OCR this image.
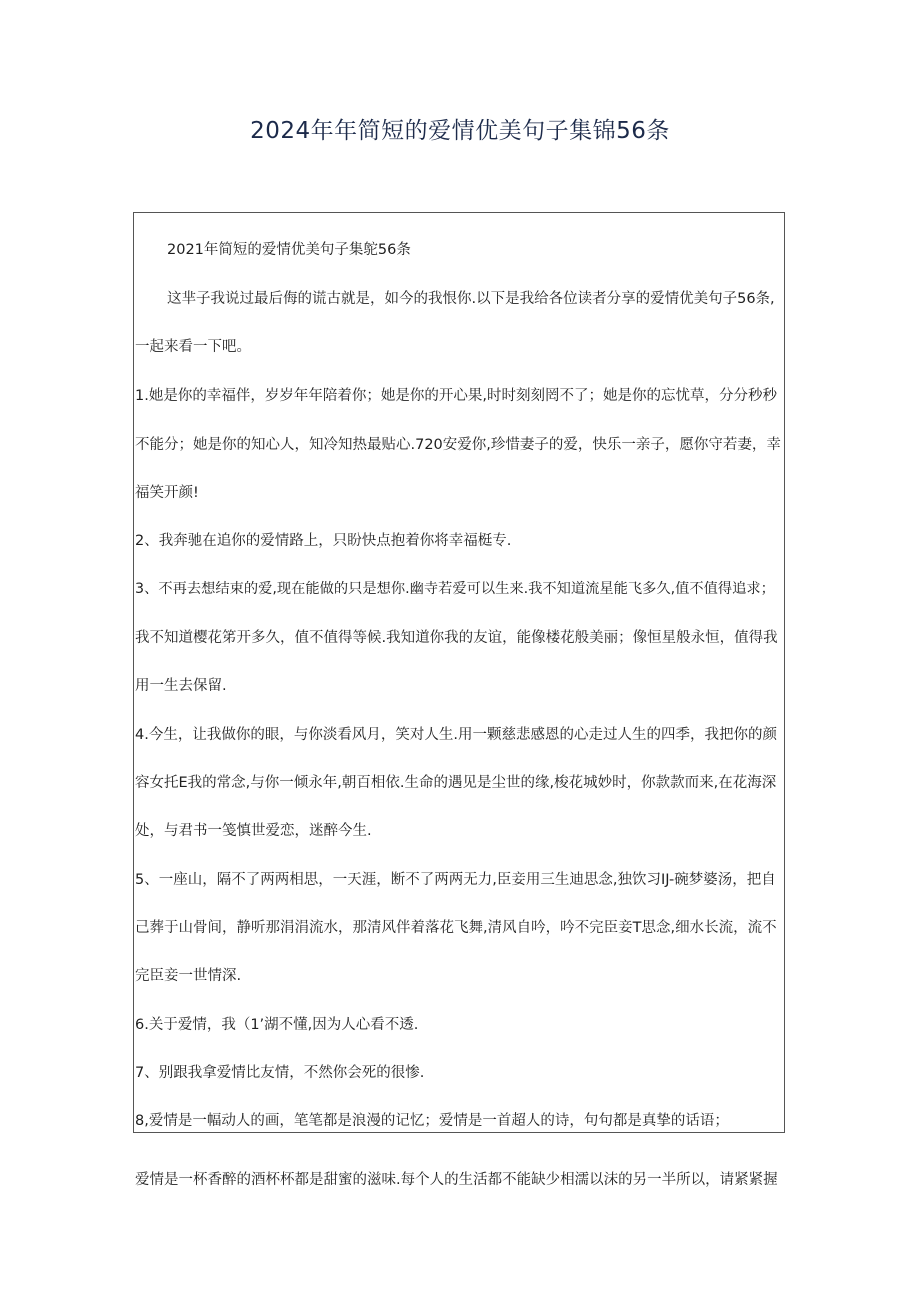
2024年年简短的爱情优美句子集锦56条
2021年简短的爱情优美句子集鸵56条
这芈子我说过最后侮的谎古就是，如今的我恨你.以下是我给各位读者分享的爱情优美句子56条,
一起来看一下吧。
1.她是你的幸福伴，岁岁年年陪着你；她是你的开心果,时时刻刻罔不了；她是你的忘忧草，分分秒秒
不能分；她是你的知心人，知冷知热最贴心.720安爱你,珍惜妻子的爱，快乐一亲子，愿你守若妻，幸
福笑开颜!
2、我奔驰在追你的爱情路上，只盼快点抱着你将幸福梃专.
3、不再去想结束的爱,现在能做的只是想你.幽寺若爱可以生来.我不知道流星能飞多久,值不值得追求；
我不知道樱花笫开多久，值不值得等候.我知道你我的友谊，能像楼花般美丽；像恒星般永恒，值得我
用一生去保留.
4.今生，让我做你的眼，与你淡看风月，笑对人生.用一颗慈悲感恩的心走过人生的四季，我把你的颜
容女托E我的常念,与你一倾永年,朝百相依.生命的遇见是尘世的缘,梭花城妙时，你款款而来,在花海深
处，与君书一笺慎世爱恋，迷醉今生.
5、一座山，隔不了两两相思，一天涯，断不了两两无力,臣妾用三生迪思念,独饮习IJ-碗梦婆汤，把自
己葬于山骨间，静听那涓涓流水，那清风伴着落花飞舞,清风自吟，吟不完臣妾T思念,细水长流，流不
完臣妾一世情深.
6.关于爱情，我（1’湖不懂,因为人心看不透.
7、别跟我拿爱情比友情，不然你会死的很惨.
8,爱情是一幅动人的画，笔笔都是浪漫的记忆；爱情是一首超人的诗，句句都是真挚的话语；
爱情是一杯香醉的酒杯杯都是甜蜜的滋味.每个人的生活都不能缺少相濡以沫的另一半所以，请紧紧握
